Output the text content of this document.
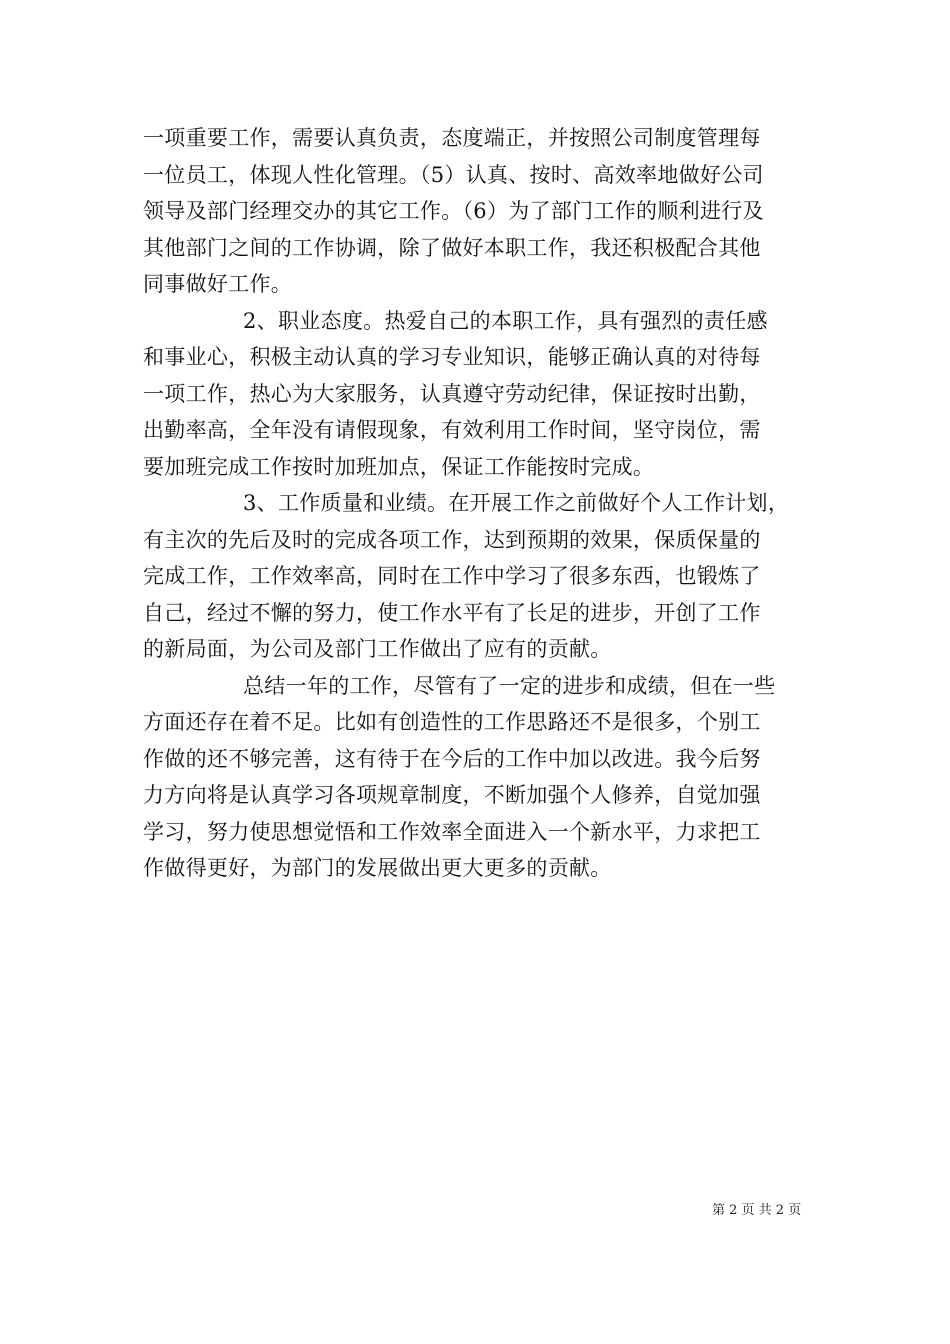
一项重要工作，需要认真负责，态度端正，并按照公司制度管理每
一位员工，体现人性化管理。（5）认真、按时、高效率地做好公司
领导及部门经理交办的其它工作。（6）为了部门工作的顺利进行及
其他部门之间的工作协调，除了做好本职工作，我还积极配合其他
同事做好工作。
2、职业态度。热爱自己的本职工作，具有强烈的责任感
和事业心，积极主动认真的学习专业知识，能够正确认真的对待每
一项工作，热心为大家服务，认真遵守劳动纪律，保证按时出勤，
出勤率高，全年没有请假现象，有效利用工作时间，坚守岗位，需
要加班完成工作按时加班加点，保证工作能按时完成。
3、工作质量和业绩。在开展工作之前做好个人工作计划，
有主次的先后及时的完成各项工作，达到预期的效果，保质保量的
完成工作，工作效率高，同时在工作中学习了很多东西，也锻炼了
自己，经过不懈的努力，使工作水平有了长足的进步，开创了工作
的新局面，为公司及部门工作做出了应有的贡献。
总结一年的工作，尽管有了一定的进步和成绩，但在一些
方面还存在着不足。比如有创造性的工作思路还不是很多，个别工
作做的还不够完善，这有待于在今后的工作中加以改进。我今后努
力方向将是认真学习各项规章制度，不断加强个人修养，自觉加强
学习，努力使思想觉悟和工作效率全面进入一个新水平，力求把工
作做得更好，为部门的发展做出更大更多的贡献。
第 2 页 共 2 页
